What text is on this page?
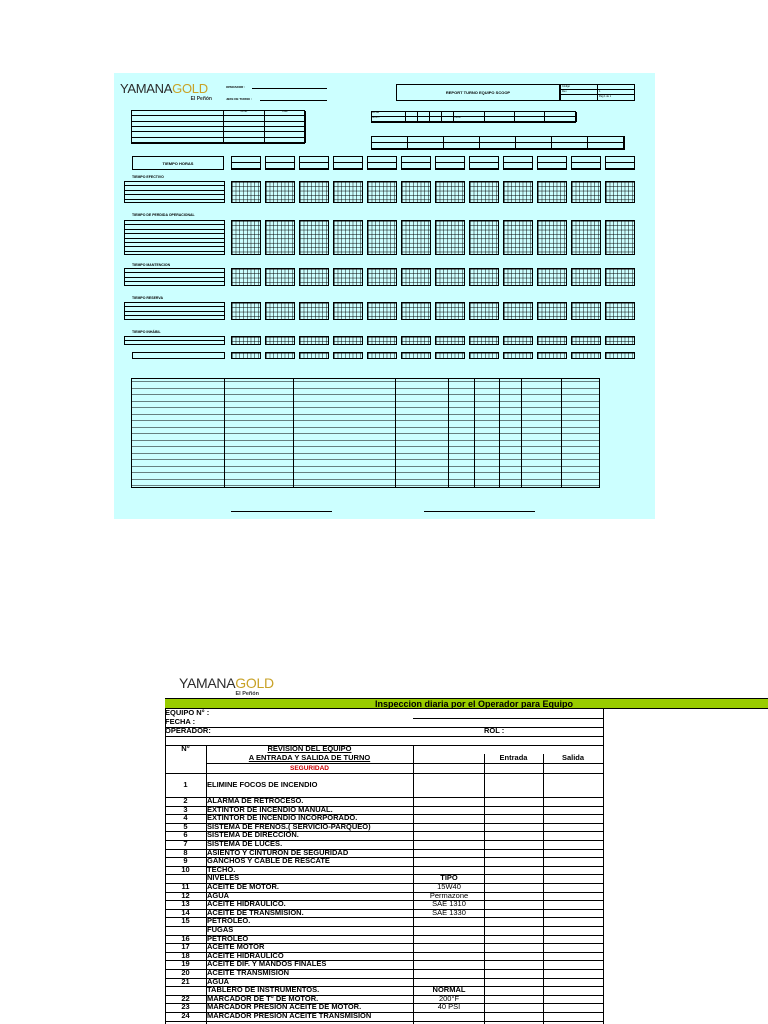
YAMANAGOLD
El Peñón
OPERADOR :
JEFE DE TURNO :
REPORT TURNO EQUIPO SCOOP
Código
Rev.	1
Pag 1 de 1
INICIAL	FINAL	FECHA
GRUPO	TURNO
TIEMPO HORAS
TIEMPO EFECTIVO
TIEMPO DE PERDIDA OPERACIONAL
TIEMPO MANTENCION
TIEMPO RESERVA
TIEMPO INHÁBIL
YAMANAGOLD
El Peñón
Inspeccion diaria por el Operador para Equipo
EQUIPO N° :
FECHA :
OPERADOR:	ROL :
N°	REVISION DEL EQUIPO
A ENTRADA Y SALIDA DE TURNO	Entrada	Salida
SEGURIDAD
1	ELIMINE FOCOS DE INCENDIO
2	ALARMA DE RETROCESO.
3	EXTINTOR DE INCENDIO MANUAL.
4	EXTINTOR DE INCENDIO INCORPORADO.
5	SISTEMA DE FRENOS.( SERVICIO-PARQUEO)
6	SISTEMA DE DIRECCION.
7	SISTEMA DE LUCES.
8	ASIENTO Y CINTURON DE SEGURIDAD
9	GANCHOS Y CABLE DE RESCATE
10	TECHO.
NIVELES	TIPO
11	ACEITE DE MOTOR.	15W40
12	AGUA	Permazone
13	ACEITE HIDRAULICO.	SAE 1310
14	ACEITE DE TRANSMISION.	SAE 1330
15	PETROLEO.
FUGAS
16	PETROLEO
17	ACEITE MOTOR
18	ACEITE HIDRAULICO
19	ACEITE DIF. Y MANDOS FINALES
20	ACEITE TRANSMISION
21	AGUA
TABLERO DE INSTRUMENTOS.	NORMAL
22	MARCADOR DE T° DE MOTOR.	200°F
23	MARCADOR PRESION ACEITE DE MOTOR.	40 PSI
24	MARCADOR PRESION ACEITE TRANSMISION
